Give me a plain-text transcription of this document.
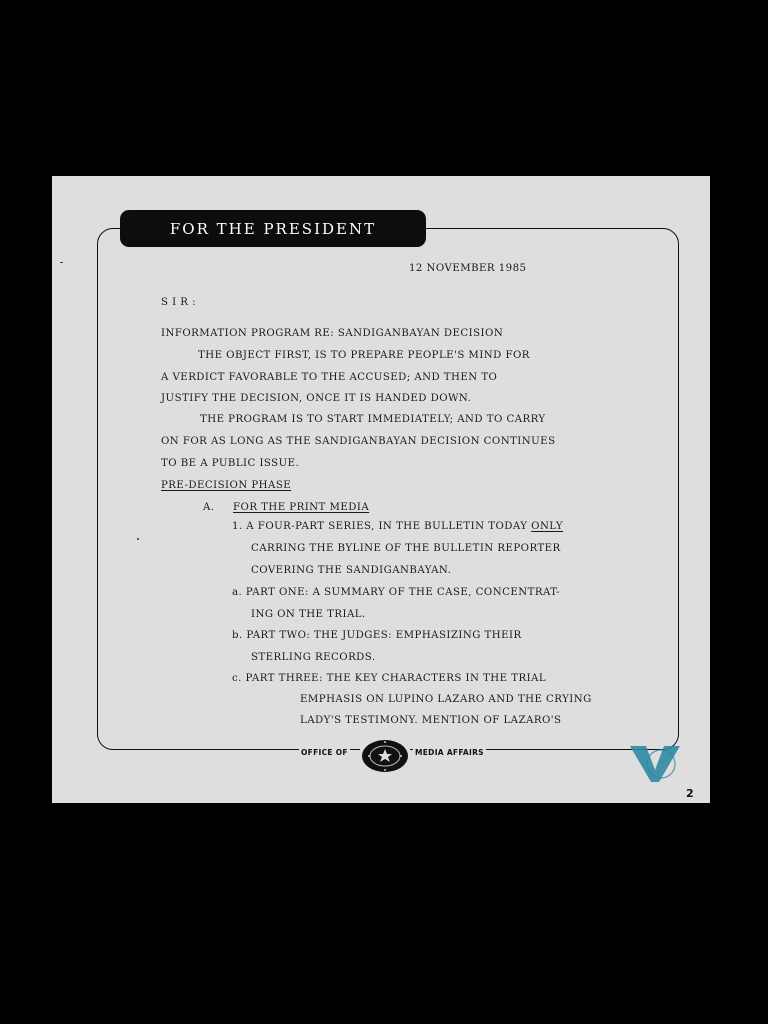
FOR THE PRESIDENT

12 NOVEMBER 1985

S I R :

INFORMATION PROGRAM RE: SANDIGANBAYAN DECISION

THE OBJECT FIRST, IS TO PREPARE PEOPLE'S MIND FOR

A VERDICT FAVORABLE TO THE ACCUSED; AND THEN TO

JUSTIFY THE DECISION, ONCE IT IS HANDED DOWN.

THE PROGRAM IS TO START IMMEDIATELY; AND TO CARRY

ON FOR AS LONG AS THE SANDIGANBAYAN DECISION CONTINUES

TO BE A PUBLIC ISSUE.

PRE-DECISION PHASE

A. FOR THE PRINT MEDIA

1. A FOUR-PART SERIES, IN THE BULLETIN TODAY ONLY

CARRING THE BYLINE OF THE BULLETIN REPORTER

COVERING THE SANDIGANBAYAN.

a. PART ONE: A SUMMARY OF THE CASE, CONCENTRAT-

ING ON THE TRIAL.

b. PART TWO: THE JUDGES: EMPHASIZING THEIR

STERLING RECORDS.

c. PART THREE: THE KEY CHARACTERS IN THE TRIAL

EMPHASIS ON LUPINO LAZARO AND THE CRYING

LADY'S TESTIMONY. MENTION OF LAZARO'S

OFFICE OF	MEDIA AFFAIRS
2
